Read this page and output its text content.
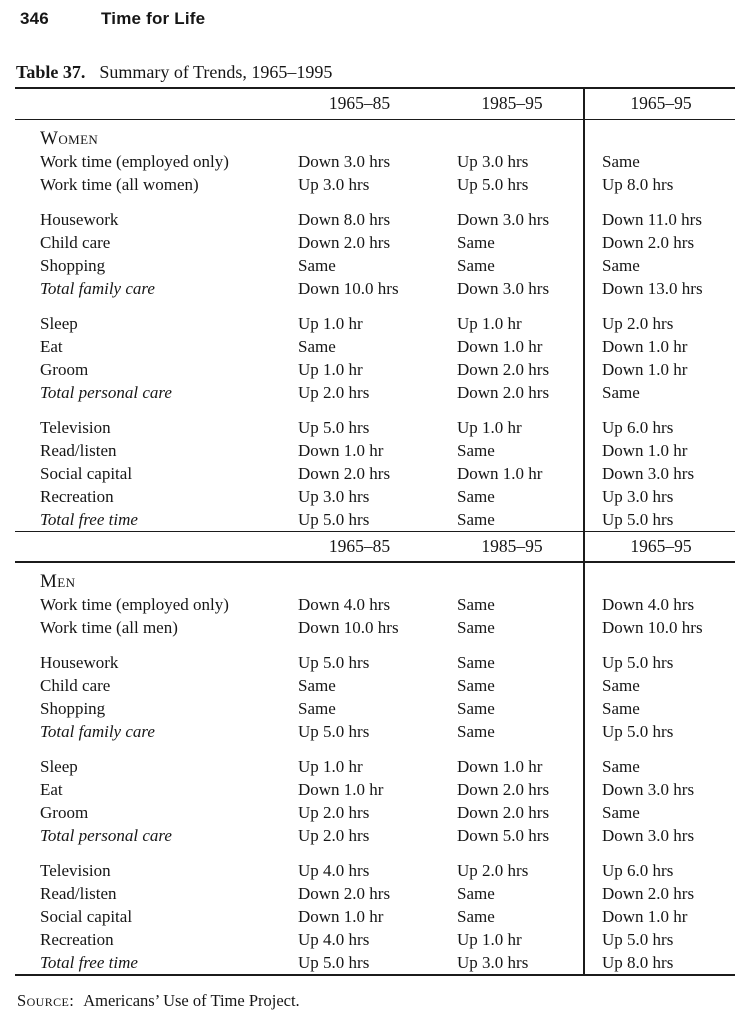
346	Time for Life
Table 37. Summary of Trends, 1965–1995
1965–85	1985–95	1965–95
Women
Work time (employed only)	Down 3.0 hrs	Up 3.0 hrs	Same
Work time (all women)	Up 3.0 hrs	Up 5.0 hrs	Up 8.0 hrs
Housework	Down 8.0 hrs	Down 3.0 hrs	Down 11.0 hrs
Child care	Down 2.0 hrs	Same	Down 2.0 hrs
Shopping	Same	Same	Same
Total family care	Down 10.0 hrs	Down 3.0 hrs	Down 13.0 hrs
Sleep	Up 1.0 hr	Up 1.0 hr	Up 2.0 hrs
Eat	Same	Down 1.0 hr	Down 1.0 hr
Groom	Up 1.0 hr	Down 2.0 hrs	Down 1.0 hr
Total personal care	Up 2.0 hrs	Down 2.0 hrs	Same
Television	Up 5.0 hrs	Up 1.0 hr	Up 6.0 hrs
Read/listen	Down 1.0 hr	Same	Down 1.0 hr
Social capital	Down 2.0 hrs	Down 1.0 hr	Down 3.0 hrs
Recreation	Up 3.0 hrs	Same	Up 3.0 hrs
Total free time	Up 5.0 hrs	Same	Up 5.0 hrs
1965–85	1985–95	1965–95
Men
Work time (employed only)	Down 4.0 hrs	Same	Down 4.0 hrs
Work time (all men)	Down 10.0 hrs	Same	Down 10.0 hrs
Housework	Up 5.0 hrs	Same	Up 5.0 hrs
Child care	Same	Same	Same
Shopping	Same	Same	Same
Total family care	Up 5.0 hrs	Same	Up 5.0 hrs
Sleep	Up 1.0 hr	Down 1.0 hr	Same
Eat	Down 1.0 hr	Down 2.0 hrs	Down 3.0 hrs
Groom	Up 2.0 hrs	Down 2.0 hrs	Same
Total personal care	Up 2.0 hrs	Down 5.0 hrs	Down 3.0 hrs
Television	Up 4.0 hrs	Up 2.0 hrs	Up 6.0 hrs
Read/listen	Down 2.0 hrs	Same	Down 2.0 hrs
Social capital	Down 1.0 hr	Same	Down 1.0 hr
Recreation	Up 4.0 hrs	Up 1.0 hr	Up 5.0 hrs
Total free time	Up 5.0 hrs	Up 3.0 hrs	Up 8.0 hrs
Source: Americans’ Use of Time Project.
